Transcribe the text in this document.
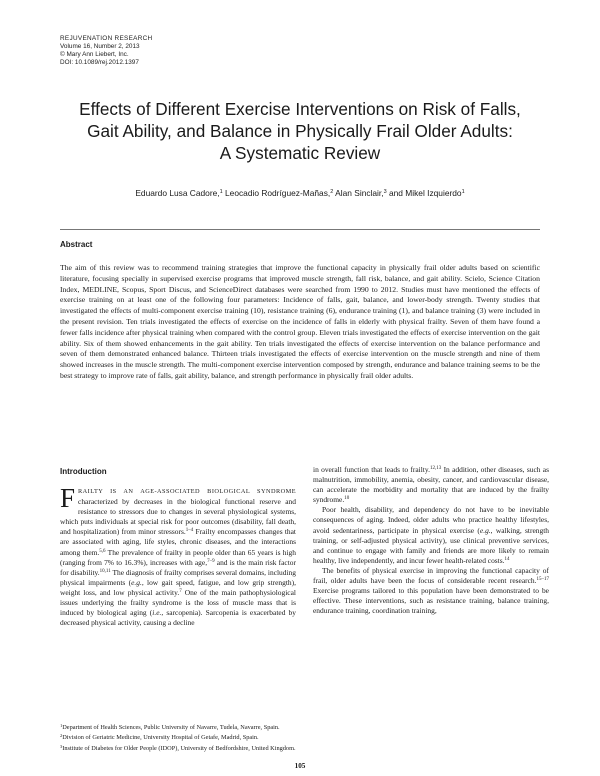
REJUVENATION RESEARCH
Volume 16, Number 2, 2013
© Mary Ann Liebert, Inc.
DOI: 10.1089/rej.2012.1397
Effects of Different Exercise Interventions on Risk of Falls,
Gait Ability, and Balance in Physically Frail Older Adults:
A Systematic Review
Eduardo Lusa Cadore,$^1$ Leocadio Rodríguez-Mañas,$^2$ Alan Sinclair,$^3$ and Mikel Izquierdo$^1$
Abstract

The aim of this review was to recommend training strategies that improve the functional capacity in physically frail older adults based on scientific literature, focusing specially in supervised exercise programs that improved muscle strength, fall risk, balance, and gait ability. Scielo, Science Citation Index, MEDLINE, Scopus, Sport Discus, and ScienceDirect databases were searched from 1990 to 2012. Studies must have mentioned the effects of exercise training on at least one of the following four parameters: Incidence of falls, gait, balance, and lower-body strength. Twenty studies that investigated the effects of multi-component exercise training (10), resistance training (6), endurance training (1), and balance training (3) were included in the present revision. Ten trials investigated the effects of exercise on the incidence of falls in elderly with physical frailty. Seven of them have found a fewer falls incidence after physical training when compared with the control group. Eleven trials investigated the effects of exercise intervention on the gait ability. Six of them showed enhancements in the gait ability. Ten trials investigated the effects of exercise intervention on the balance performance and seven of them demonstrated enhanced balance. Thirteen trials investigated the effects of exercise intervention on the muscle strength and nine of them showed increases in the muscle strength. The multi-component exercise intervention composed by strength, endurance and balance training seems to be the best strategy to improve rate of falls, gait ability, balance, and strength performance in physically frail older adults.

Introduction

FRAILTY IS AN AGE-ASSOCIATED BIOLOGICAL SYNDROME characterized by decreases in the biological functional reserve and resistance to stressors due to changes in several physiological systems, which puts individuals at special risk for poor outcomes (disability, fall death, and hospitalization) from minor stressors.$^{1-4}$ Frailty encompasses changes that are associated with aging, life styles, chronic diseases, and the interactions among them.$^{5,6}$ The prevalence of frailty in people older than 65 years is high (ranging from 7% to 16.3%), increases with age,$^{7-9}$ and is the main risk factor for disability.$^{10,11}$ The diagnosis of frailty comprises several domains, including physical impairments (e.g., low gait speed, fatigue, and low grip strength), weight loss, and low physical activity.$^7$ One of the main pathophysiological issues underlying the frailty syndrome is the loss of muscle mass that is induced by biological aging (i.e., sarcopenia). Sarcopenia is exacerbated by decreased physical activity, causing a decline

in overall function that leads to frailty.$^{12,13}$ In addition, other diseases, such as malnutrition, immobility, anemia, obesity, cancer, and cardiovascular disease, can accelerate the morbidity and mortality that are induced by the frailty syndrome.$^{10}$

Poor health, disability, and dependency do not have to be inevitable consequences of aging. Indeed, older adults who practice healthy lifestyles, avoid sedentariness, participate in physical exercise (e.g., walking, strength training, or self-adjusted physical activity), use clinical preventive services, and continue to engage with family and friends are more likely to remain healthy, live independently, and incur fewer health-related costs.$^{14}$

The benefits of physical exercise in improving the functional capacity of frail, older adults have been the focus of considerable recent research.$^{15-17}$ Exercise programs tailored to this population have been demonstrated to be effective. These interventions, such as resistance training, balance training, endurance training, coordination training,

$^1$Department of Health Sciences, Public University of Navarre, Tudela, Navarre, Spain.
$^2$Division of Geriatric Medicine, University Hospital of Getafe, Madrid, Spain.
$^3$Institute of Diabetes for Older People (IDOP), University of Bedfordshire, United Kingdom.
105
